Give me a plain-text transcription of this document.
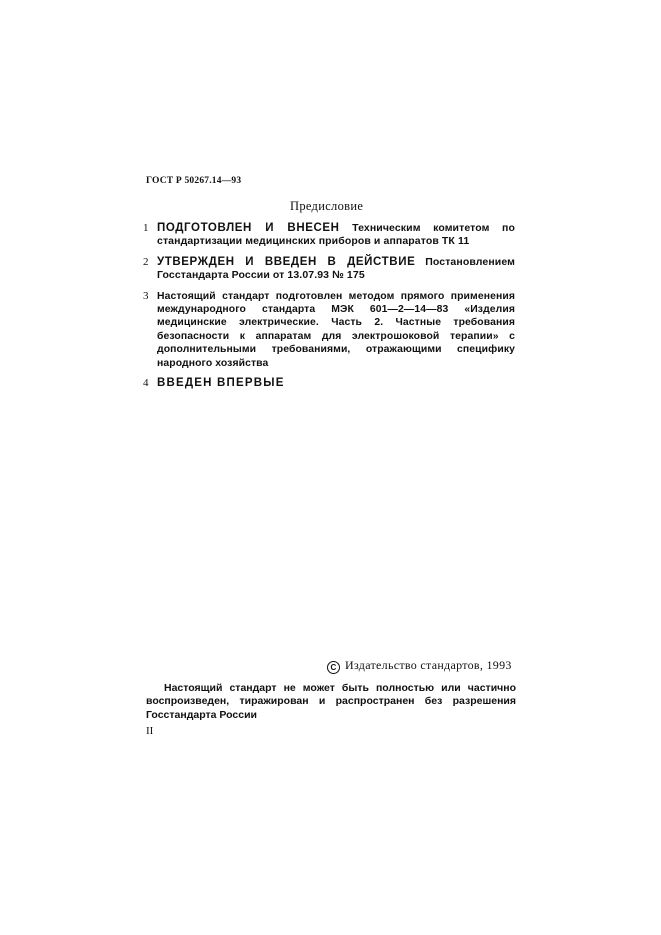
ГОСТ Р 50267.14—93
Предисловие
1 ПОДГОТОВЛЕН И ВНЕСЕН Техническим комитетом по стандартизации медицинских приборов и аппаратов ТК 11
2 УТВЕРЖДЕН И ВВЕДЕН В ДЕЙСТВИЕ Постановлением Госстандарта России от 13.07.93 № 175
3 Настоящий стандарт подготовлен методом прямого применения международного стандарта МЭК 601—2—14—83 «Изделия медицинские электрические. Часть 2. Частные требования безопасности к аппаратам для электрошоковой терапии» с дополнительными требованиями, отражающими специфику народного хозяйства
4 ВВЕДЕН ВПЕРВЫЕ
C Издательство стандартов, 1993
Настоящий стандарт не может быть полностью или частично воспроизведен, тиражирован и распространен без разрешения Госстандарта России
II
